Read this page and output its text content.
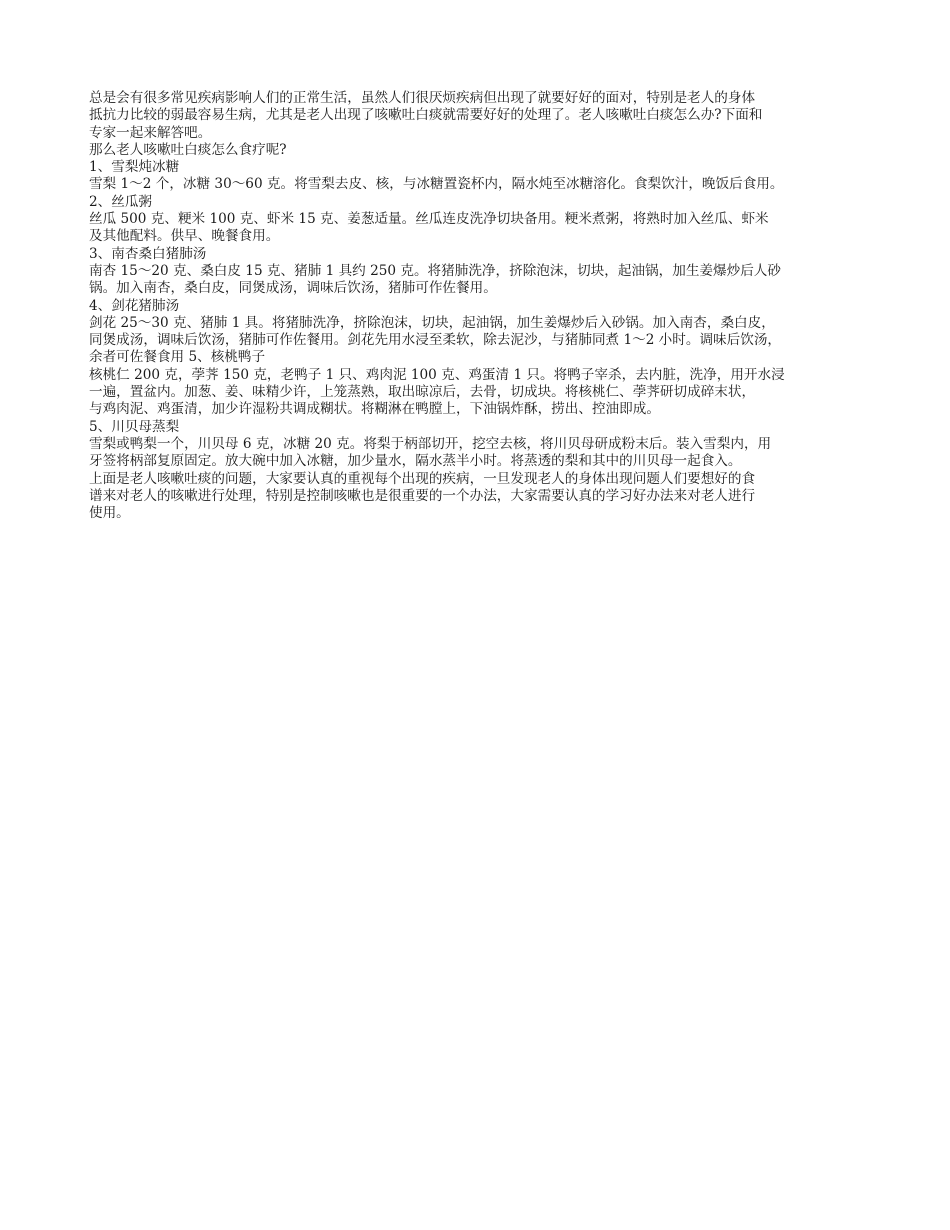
总是会有很多常见疾病影响人们的正常生活，虽然人们很厌烦疾病但出现了就要好好的面对，特别是老人的身体

抵抗力比较的弱最容易生病，尤其是老人出现了咳嗽吐白痰就需要好好的处理了。老人咳嗽吐白痰怎么办?下面和

专家一起来解答吧。

那么老人咳嗽吐白痰怎么食疗呢?

1、雪梨炖冰糖

雪梨 1～2 个，冰糖 30～60 克。将雪梨去皮、核，与冰糖置瓷杯内，隔水炖至冰糖溶化。食梨饮汁，晚饭后食用。

2、丝瓜粥

丝瓜 500 克、粳米 100 克、虾米 15 克、姜葱适量。丝瓜连皮洗净切块备用。粳米煮粥，将熟时加入丝瓜、虾米

及其他配料。供早、晚餐食用。

3、南杏桑白猪肺汤

南杏 15～20 克、桑白皮 15 克、猪肺 1 具约 250 克。将猪肺洗净，挤除泡沫，切块，起油锅，加生姜爆炒后人砂

锅。加入南杏，桑白皮，同煲成汤，调味后饮汤，猪肺可作佐餐用。

4、剑花猪肺汤

剑花 25～30 克、猪肺 1 具。将猪肺洗净，挤除泡沫，切块，起油锅，加生姜爆炒后入砂锅。加入南杏，桑白皮，

同煲成汤，调味后饮汤，猪肺可作佐餐用。剑花先用水浸至柔软，除去泥沙，与猪肺同煮 1～2 小时。调味后饮汤，

余者可佐餐食用 5、核桃鸭子

核桃仁 200 克，荸荠 150 克，老鸭子 1 只、鸡肉泥 100 克、鸡蛋清 1 只。将鸭子宰杀，去内脏，洗净，用开水浸

一遍，置盆内。加葱、姜、味精少许，上笼蒸熟，取出晾凉后，去骨，切成块。将核桃仁、荸荠研切成碎末状，

与鸡肉泥、鸡蛋清，加少许湿粉共调成糊状。将糊淋在鸭膛上，下油锅炸酥，捞出、控油即成。

5、川贝母蒸梨

雪梨或鸭梨一个，川贝母 6 克，冰糖 20 克。将梨于柄部切开，挖空去核，将川贝母研成粉末后。装入雪梨内，用

牙签将柄部复原固定。放大碗中加入冰糖，加少量水，隔水蒸半小时。将蒸透的梨和其中的川贝母一起食入。

上面是老人咳嗽吐痰的问题，大家要认真的重视每个出现的疾病，一旦发现老人的身体出现问题人们要想好的食

谱来对老人的咳嗽进行处理，特别是控制咳嗽也是很重要的一个办法，大家需要认真的学习好办法来对老人进行

使用。
